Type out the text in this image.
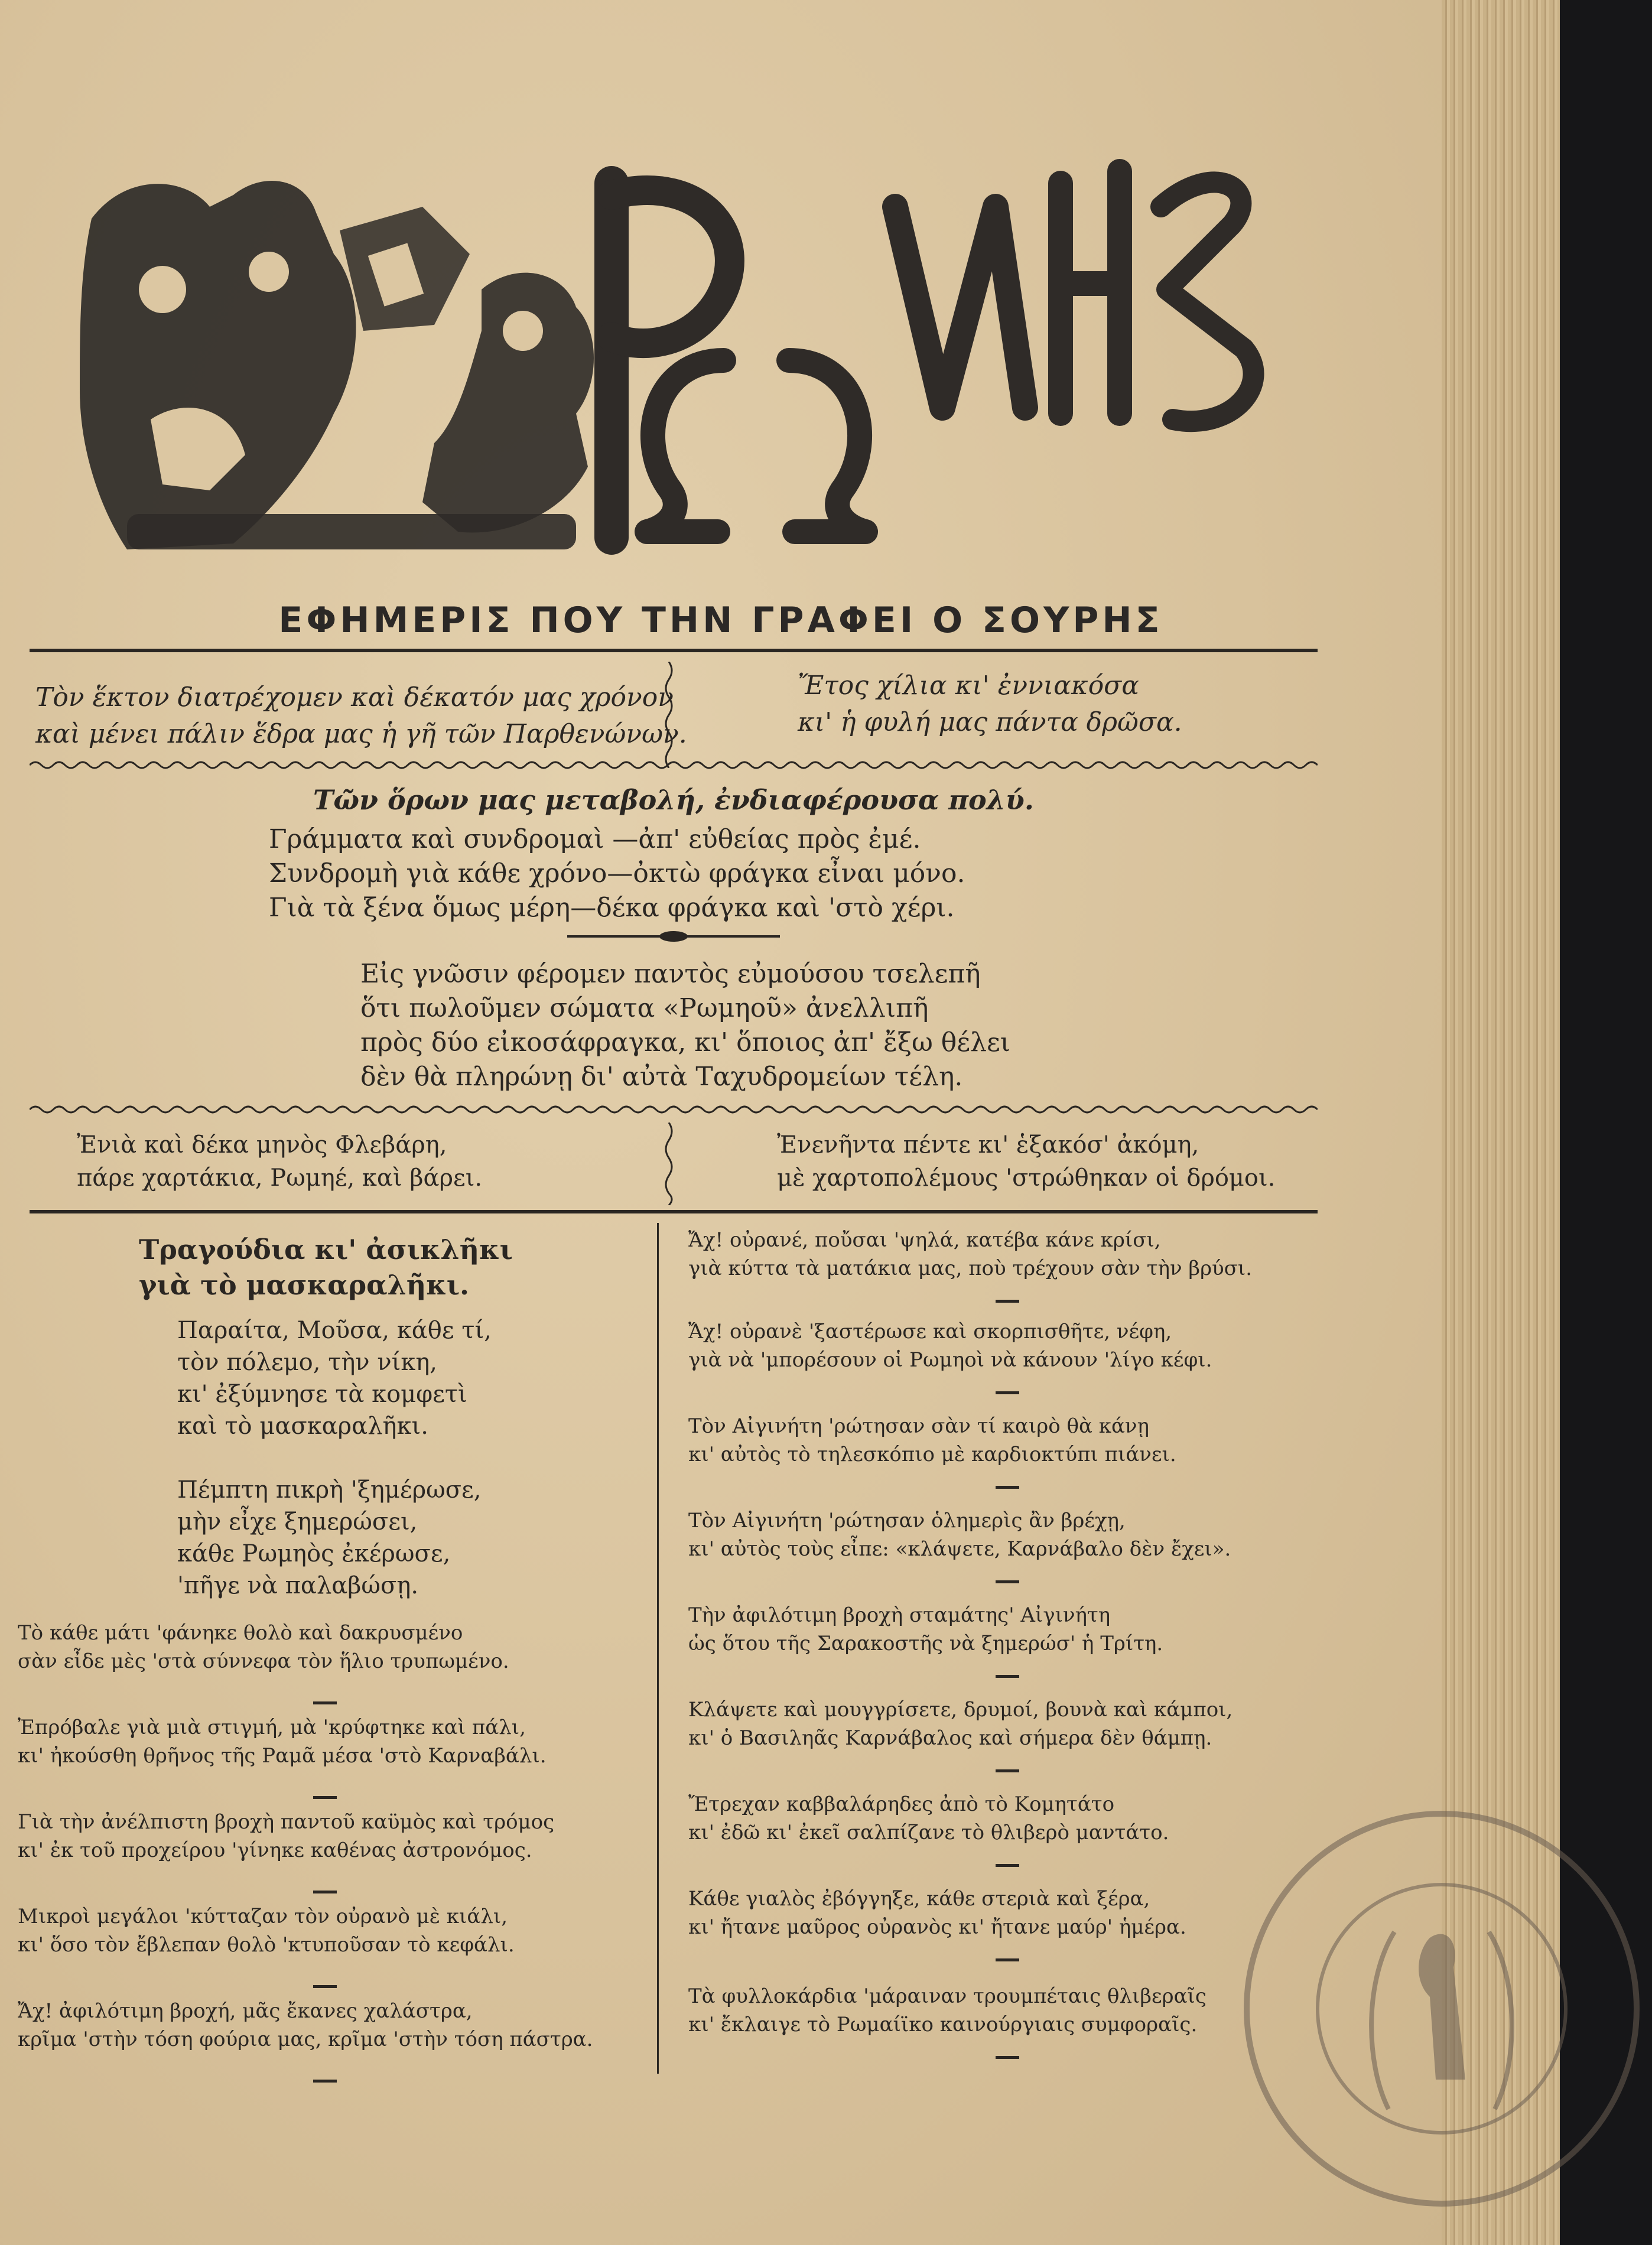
ΕΦΗΜΕΡΙΣ ΠΟΥ ΤΗΝ ΓΡΑΦΕΙ Ο ΣΟΥΡΗΣ
Τὸν ἕκτον διατρέχομεν καὶ δέκατόν μας χρόνον
καὶ μένει πάλιν ἕδρα μας ἡ γῆ τῶν Παρθενώνων.
Ἔτος χίλια κι' ἐννιακόσα
κι' ἡ φυλή μας πάντα δρῶσα.
Τῶν ὅρων μας μεταβολή, ἐνδιαφέρουσα πολύ.
Γράμματα καὶ συνδρομαὶ —ἀπ' εὐθείας πρὸς ἐμέ.
Συνδρομὴ γιὰ κάθε χρόνο—ὀκτὼ φράγκα εἶναι μόνο.
Γιὰ τὰ ξένα ὅμως μέρη—δέκα φράγκα καὶ 'στὸ χέρι.
Εἰς γνῶσιν φέρομεν παντὸς εὐμούσου τσελεπῆ
ὅτι πωλοῦμεν σώματα «Ρωμηοῦ» ἀνελλιπῆ
πρὸς δύο εἰκοσάφραγκα, κι' ὅποιος ἀπ' ἔξω θέλει
δὲν θὰ πληρώνῃ δι' αὐτὰ Ταχυδρομείων τέλη.
Ἐνιὰ καὶ δέκα μηνὸς Φλεβάρη,
πάρε χαρτάκια, Ρωμηέ, καὶ βάρει.
Ἐνενῆντα πέντε κι' ἑξακόσ' ἀκόμη,
μὲ χαρτοπολέμους 'στρώθηκαν οἱ δρόμοι.
Τραγούδια κι' ἀσικλῆκι
γιὰ τὸ μασκαραλῆκι.
Παραίτα, Μοῦσα, κάθε τί,
τὸν πόλεμο, τὴν νίκη,
κι' ἐξύμνησε τὰ κομφετὶ
καὶ τὸ μασκαραλῆκι.
Πέμπτη πικρὴ 'ξημέρωσε,
μὴν εἶχε ξημερώσει,
κάθε Ρωμηὸς ἐκέρωσε,
'πῆγε νὰ παλαβώσῃ.
Τὸ κάθε μάτι 'φάνηκε θολὸ καὶ δακρυσμένο
σὰν εἶδε μὲς 'στὰ σύννεφα τὸν ἥλιο τρυπωμένο.
Ἐπρόβαλε γιὰ μιὰ στιγμή, μὰ 'κρύφτηκε καὶ πάλι,
κι' ἠκούσθη θρῆνος τῆς Ραμᾶ μέσα 'στὸ Καρναβάλι.
Γιὰ τὴν ἀνέλπιστη βροχὴ παντοῦ καϋμὸς καὶ τρόμος
κι' ἐκ τοῦ προχείρου 'γίνηκε καθένας ἀστρονόμος.
Μικροὶ μεγάλοι 'κύτταζαν τὸν οὐρανὸ μὲ κιάλι,
κι' ὅσο τὸν ἔβλεπαν θολὸ 'κτυποῦσαν τὸ κεφάλι.
Ἄχ! ἀφιλότιμη βροχή, μᾶς ἔκανες χαλάστρα,
κρῖμα 'στὴν τόση φούρια μας, κρῖμα 'στὴν τόση πάστρα.
Ἄχ! οὐρανέ, ποὔσαι 'ψηλά, κατέβα κάνε κρίσι,
γιὰ κύττα τὰ ματάκια μας, ποὺ τρέχουν σὰν τὴν βρύσι.
Ἄχ! οὐρανὲ 'ξαστέρωσε καὶ σκορπισθῆτε, νέφη,
γιὰ νὰ 'μπορέσουν οἱ Ρωμηοὶ νὰ κάνουν 'λίγο κέφι.
Τὸν Αἰγινήτη 'ρώτησαν σὰν τί καιρὸ θὰ κάνῃ
κι' αὐτὸς τὸ τηλεσκόπιο μὲ καρδιοκτύπι πιάνει.
Τὸν Αἰγινήτη 'ρώτησαν ὁλημερὶς ἂν βρέχῃ,
κι' αὐτὸς τοὺς εἶπε: «κλάψετε, Καρνάβαλο δὲν ἔχει».
Τὴν ἀφιλότιμη βροχὴ σταμάτης' Αἰγινήτη
ὡς ὅτου τῆς Σαρακοστῆς νὰ ξημερώσ' ἡ Τρίτη.
Κλάψετε καὶ μουγγρίσετε, δρυμοί, βουνὰ καὶ κάμποι,
κι' ὁ Βασιληᾶς Καρνάβαλος καὶ σήμερα δὲν θάμπῃ.
Ἔτρεχαν καββαλάρηδες ἀπὸ τὸ Κομητάτο
κι' ἐδῶ κι' ἐκεῖ σαλπίζανε τὸ θλιβερὸ μαντάτο.
Κάθε γιαλὸς ἐβόγγηξε, κάθε στεριὰ καὶ ξέρα,
κι' ἤτανε μαῦρος οὐρανὸς κι' ἤτανε μαύρ' ἡμέρα.
Τὰ φυλλοκάρδια 'μάραιναν τρουμπέταις θλιβεραῖς
κι' ἔκλαιγε τὸ Ρωμαίϊκο καινούργιαις συμφοραῖς.
